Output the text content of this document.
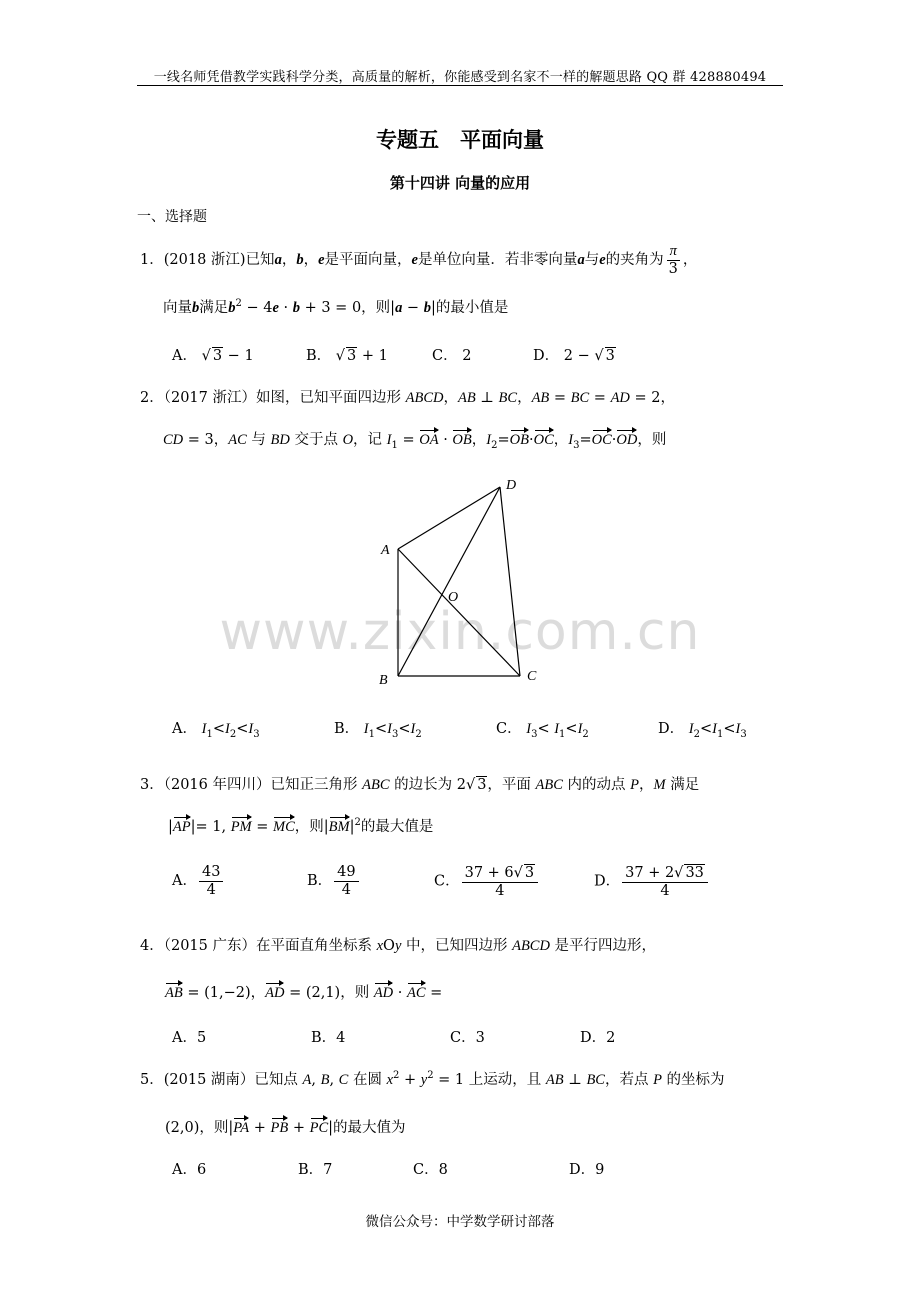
一线名师凭借教学实践科学分类，高质量的解析，你能感受到名家不一样的解题思路 QQ 群 428880494
专题五　平面向量
第十四讲 向量的应用
一、选择题
www.zixin.com.cn
1．(2018 浙江)已知a，b，e是平面向量，e是单位向量．若非零向量a与e的夹角为 $\frac{\pi}{3}$ ，
向量b满足$b^2 - 4e \cdot b + 3 = 0$，则|a − b|的最小值是
A． √ 3 − 1	B． √ 3 + 1	C． 2	D． 2 − √ 3
2．（2017 浙江）如图，已知平面四边形 ABCD，AB ⊥ BC，AB = BC = AD = 2，
CD = 3，AC 与 BD 交于点 O，记 $I_1$ = OA · OB，$I_2=OB\cdot OC$，$I_3=OC\cdot OD$，则
A
B	C
D
O
A． $I_1<I_2<I_3$	B． $I_1<I_3<I_2$	C． $I_3< I_1<I_2$	D． $I_2<I_1<I_3$
3．（2016 年四川）已知正三角形 ABC 的边长为 2√ 3，平面 ABC 内的动点 P，M 满足
|AP|= 1, PM = MC，则$|BM|^2$的最大值是
A． $\frac{43}{4}$	B． $\frac{49}{4}$	C． $\frac{37 + 6√ 3}{4}$	D． $\frac{37 + 2√ 33}{4}$
4．（2015 广东）在平面直角坐标系 xOy 中，已知四边形 ABCD 是平行四边形，
AB = (1,−2)，AD = (2,1)，则 AD · AC =
A．5	B．4	C．3	D．2
5．(2015 湖南）已知点 A, B, C 在圆 $x^2 + y^2 = 1$ 上运动，且 AB ⊥ BC，若点 P 的坐标为
(2,0)，则|PA + PB + PC|的最大值为
A．6	B．7	C．8	D．9
微信公众号：中学数学研讨部落
